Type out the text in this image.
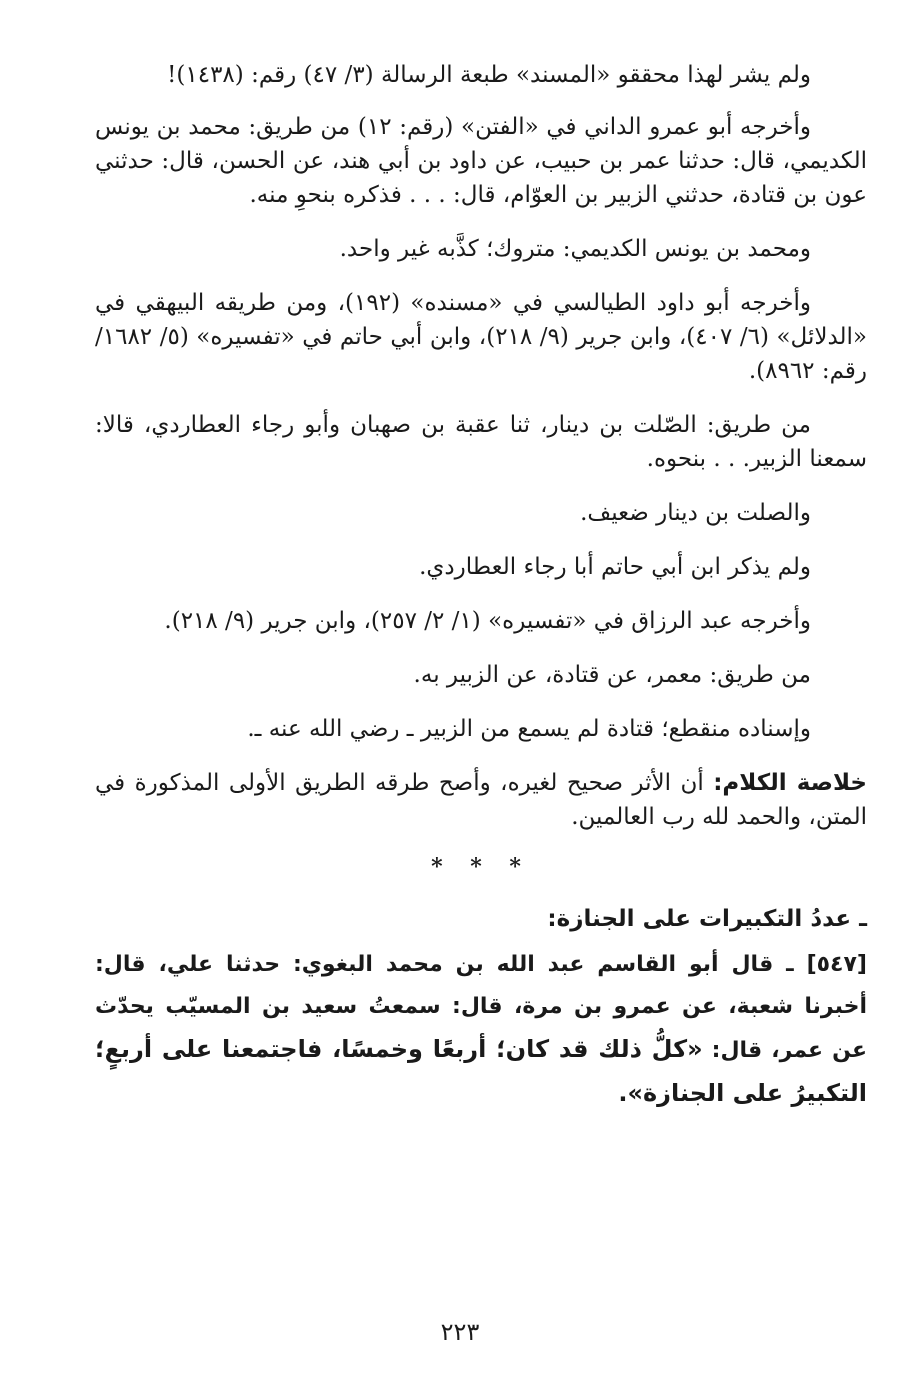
ولم يشر لهذا محققو «المسند» طبعة الرسالة (٣/ ٤٧) رقم: (١٤٣٨)!

وأخرجه أبو عمرو الداني في «الفتن» (رقم: ١٢) من طريق: محمد بن يونس الكديمي، قال: حدثنا عمر بن حبيب، عن داود بن أبي هند، عن الحسن، قال: حدثني عون بن قتادة، حدثني الزبير بن العوّام، قال: . . . فذكره بنحوِ منه.

ومحمد بن يونس الكديمي: متروك؛ كذَّبه غير واحد.

وأخرجه أبو داود الطيالسي في «مسنده» (١٩٢)، ومن طريقه البيهقي في «الدلائل» (٦/ ٤٠٧)، وابن جرير (٩/ ٢١٨)، وابن أبي حاتم في «تفسيره» (٥/ ١٦٨٢/ رقم: ٨٩٦٢).

من طريق: الصّلت بن دينار، ثنا عقبة بن صهبان وأبو رجاء العطاردي، قالا: سمعنا الزبير. . . بنحوه.

والصلت بن دينار ضعيف.

ولم يذكر ابن أبي حاتم أبا رجاء العطاردي.

وأخرجه عبد الرزاق في «تفسيره» (١/ ٢/ ٢٥٧)، وابن جرير (٩/ ٢١٨).

من طريق: معمر، عن قتادة، عن الزبير به.

وإسناده منقطع؛ قتادة لم يسمع من الزبير ـ رضي الله عنه ـ.

خلاصة الكلام: أن الأثر صحيح لغيره، وأصح طرقه الطريق الأولى المذكورة في المتن، والحمد لله رب العالمين.

* * *
ـ عددُ التكبيرات على الجنازة:

[٥٤٧] ـ قال أبو القاسم عبد الله بن محمد البغوي: حدثنا علي، قال: أخبرنا شعبة، عن عمرو بن مرة، قال: سمعتُ سعيد بن المسيّب يحدّث عن عمر، قال: «كلُّ ذلك قد كان؛ أربعًا وخمسًا، فاجتمعنا على أربعٍ؛ التكبيرُ على الجنازة».

٢٢٣
